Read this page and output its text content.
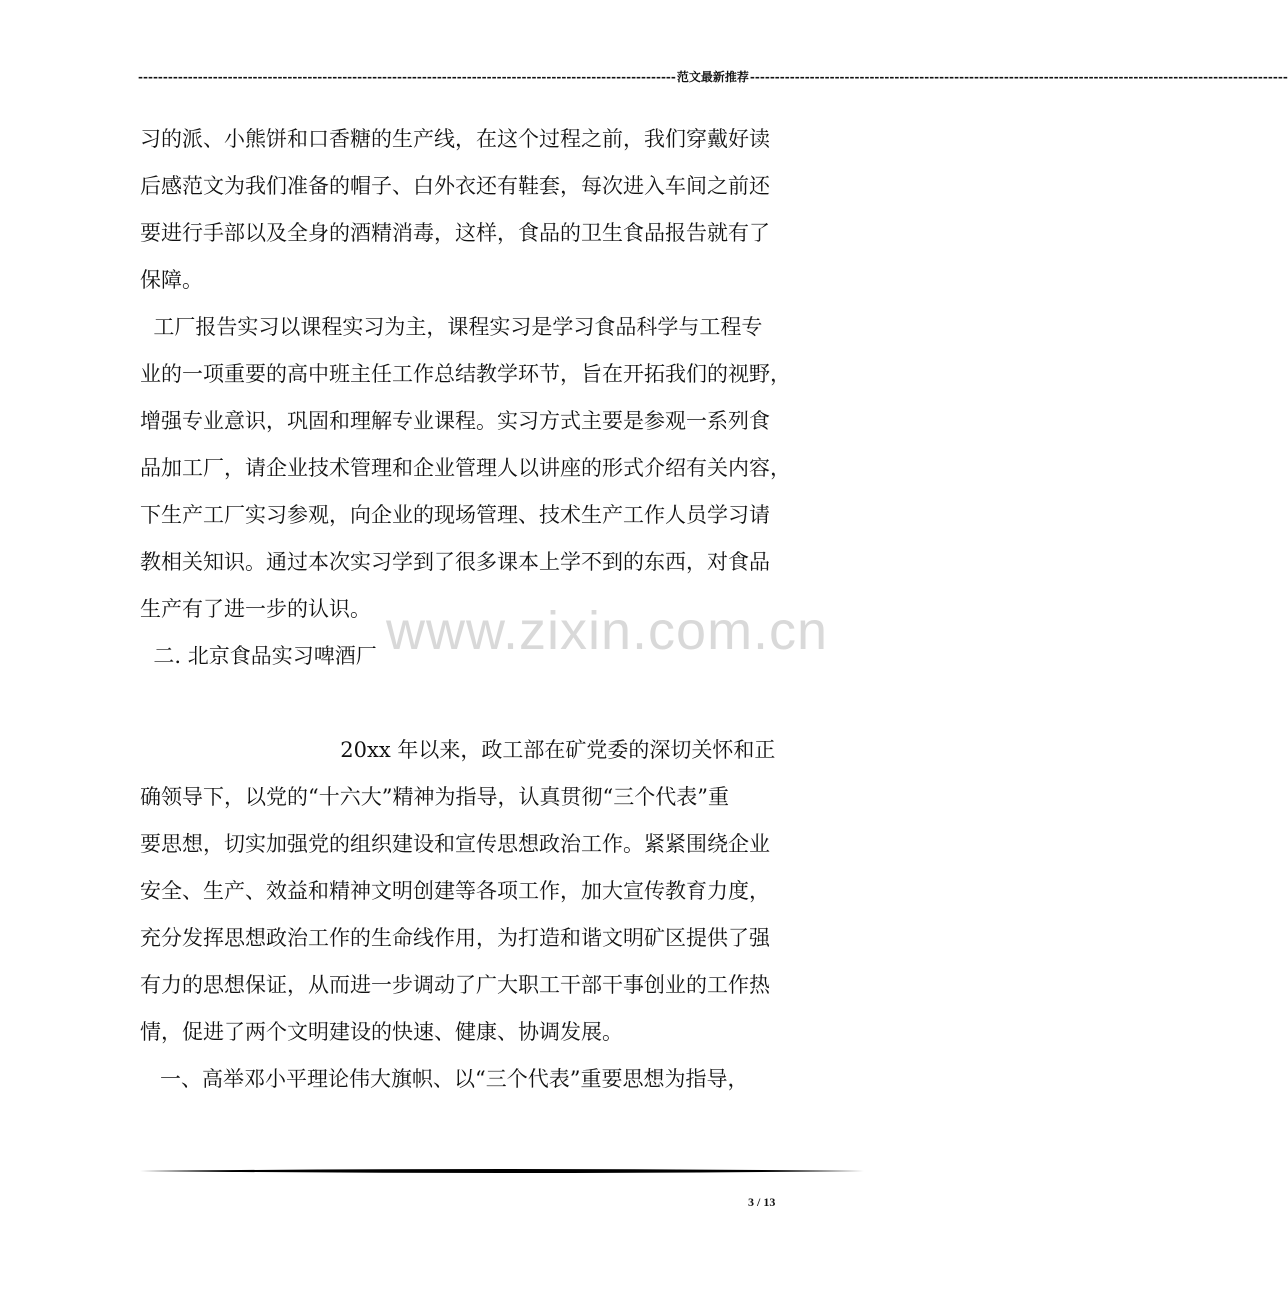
------------------------------------------------------------------------------------------------------------ 范文最新推荐 ------------------------------------------------------------------------------------------------------------
习的派、小熊饼和口香糖的生产线，在这个过程之前，我们穿戴好读
后感范文为我们准备的帽子、白外衣还有鞋套，每次进入车间之前还
要进行手部以及全身的酒精消毒，这样，食品的卫生食品报告就有了
保障。
工厂报告实习以课程实习为主，课程实习是学习食品科学与工程专
业的一项重要的高中班主任工作总结教学环节，旨在开拓我们的视野，
增强专业意识，巩固和理解专业课程。实习方式主要是参观一系列食
品加工厂，请企业技术管理和企业管理人以讲座的形式介绍有关内容，
下生产工厂实习参观，向企业的现场管理、技术生产工作人员学习请
教相关知识。通过本次实习学到了很多课本上学不到的东西，对食品
生产有了进一步的认识。
二. 北京食品实习啤酒厂
20xx 年以来，政工部在矿党委的深切关怀和正
确领导下，以党的“十六大”精神为指导，认真贯彻“三个代表”重
要思想，切实加强党的组织建设和宣传思想政治工作。紧紧围绕企业
安全、生产、效益和精神文明创建等各项工作，加大宣传教育力度，
充分发挥思想政治工作的生命线作用，为打造和谐文明矿区提供了强
有力的思想保证，从而进一步调动了广大职工干部干事创业的工作热
情，促进了两个文明建设的快速、健康、协调发展。
一、高举邓小平理论伟大旗帜、以“三个代表”重要思想为指导，
www.zixin.com.cn
3 / 13
